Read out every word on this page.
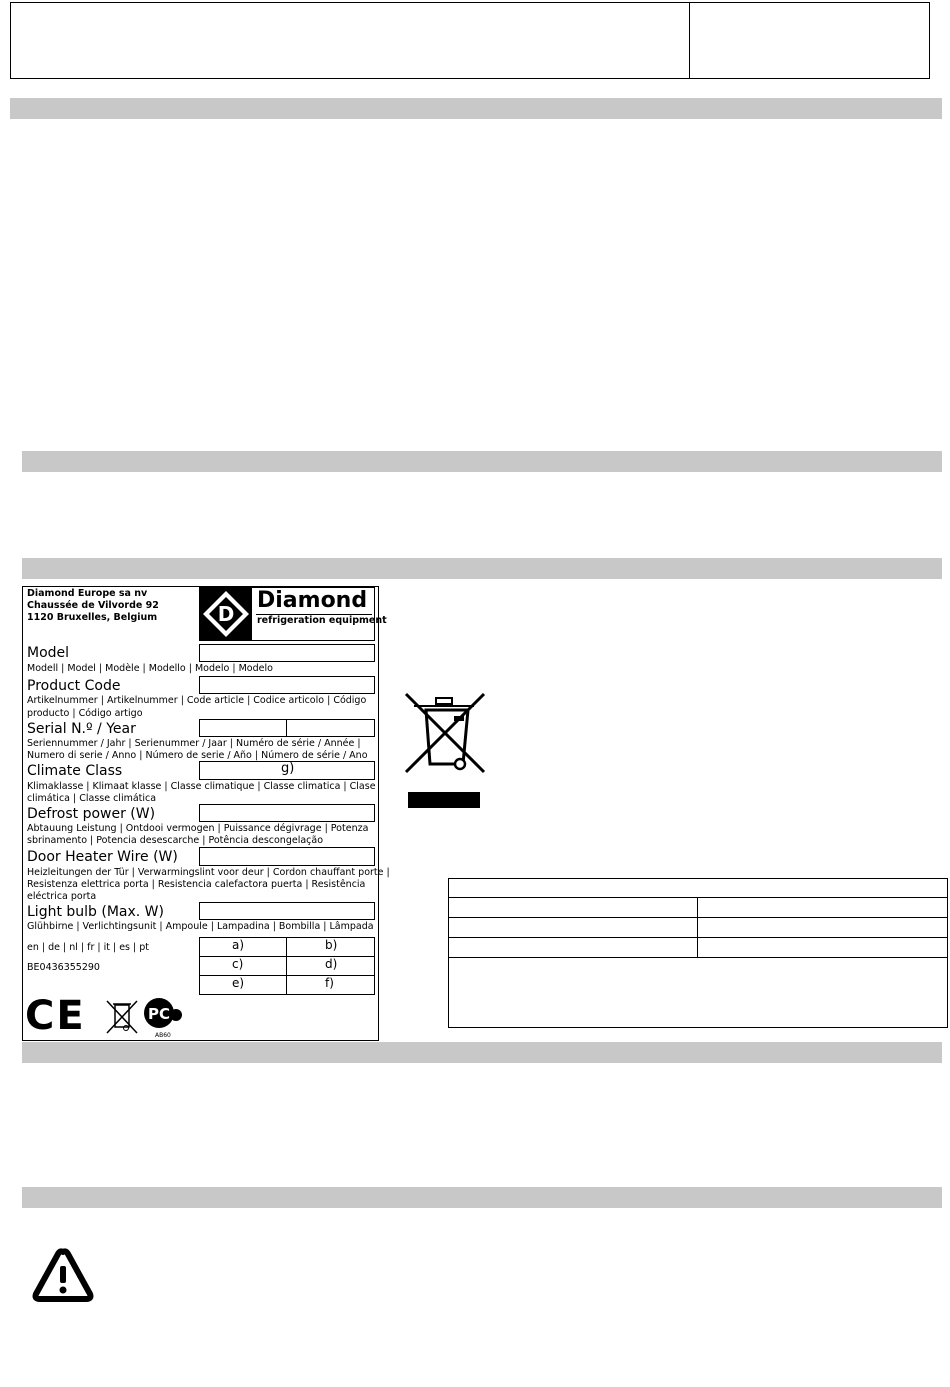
Diamond Europe sa nv
Chaussée de Vilvorde 92
1120 Bruxelles, Belgium	D
Diamond
refrigeration equipment
Model
Modell | Model | Modèle | Modello | Modelo | Modelo
Product Code
Artikelnummer | Artikelnummer | Code article | Codice articolo | Código
producto | Código artigo
Serial N.º / Year
Seriennummer / Jahr | Serienummer / Jaar | Numéro de série / Année |
Numero di serie / Anno | Número de serie / Año | Número de série / Ano
Climate Class
Klimaklasse | Klimaat klasse | Classe climatique | Classe climatica | Clase
climática | Classe climática
g)
Defrost power (W)
Abtauung Leistung | Ontdooi vermogen | Puissance dégivrage | Potenza
sbrinamento | Potencia desescarche | Potência descongelação
Door Heater Wire (W)
Heizleitungen der Tür | Verwarmingslint voor deur | Cordon chauffant porte |
Resistenza elettrica porta | Resistencia calefactora puerta | Resistência
eléctrica porta
Light bulb (Max. W)
Glühbirne | Verlichtingsunit | Ampoule | Lampadina | Bombilla | Lâmpada
en | de | nl | fr | it | es | pt
BE0436355290
a)	b)
c)	d)
e)	f)
CE	PC
AB60
